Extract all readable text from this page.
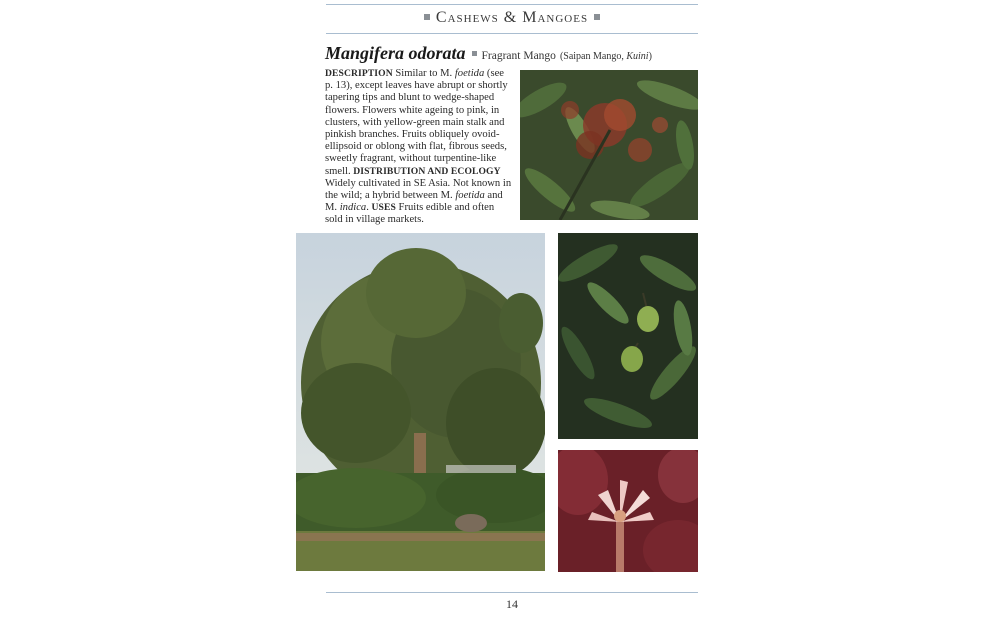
Cashews & Mangoes
Mangifera odorata Fragrant Mango (Saipan Mango, Kuini)
DESCRIPTION Similar to M. foetida (see p. 13), except leaves have abrupt or shortly tapering tips and blunt to wedge-shaped flowers. Flowers white ageing to pink, in clusters, with yellow-green main stalk and pinkish branches. Fruits obliquely ovoid-ellipsoid or oblong with flat, fibrous seeds, sweetly fragrant, without turpentine-like smell. DISTRIBUTION AND ECOLOGY Widely cultivated in SE Asia. Not known in the wild; a hybrid between M. foetida and M. indica. USES Fruits edible and often sold in village markets.
14
